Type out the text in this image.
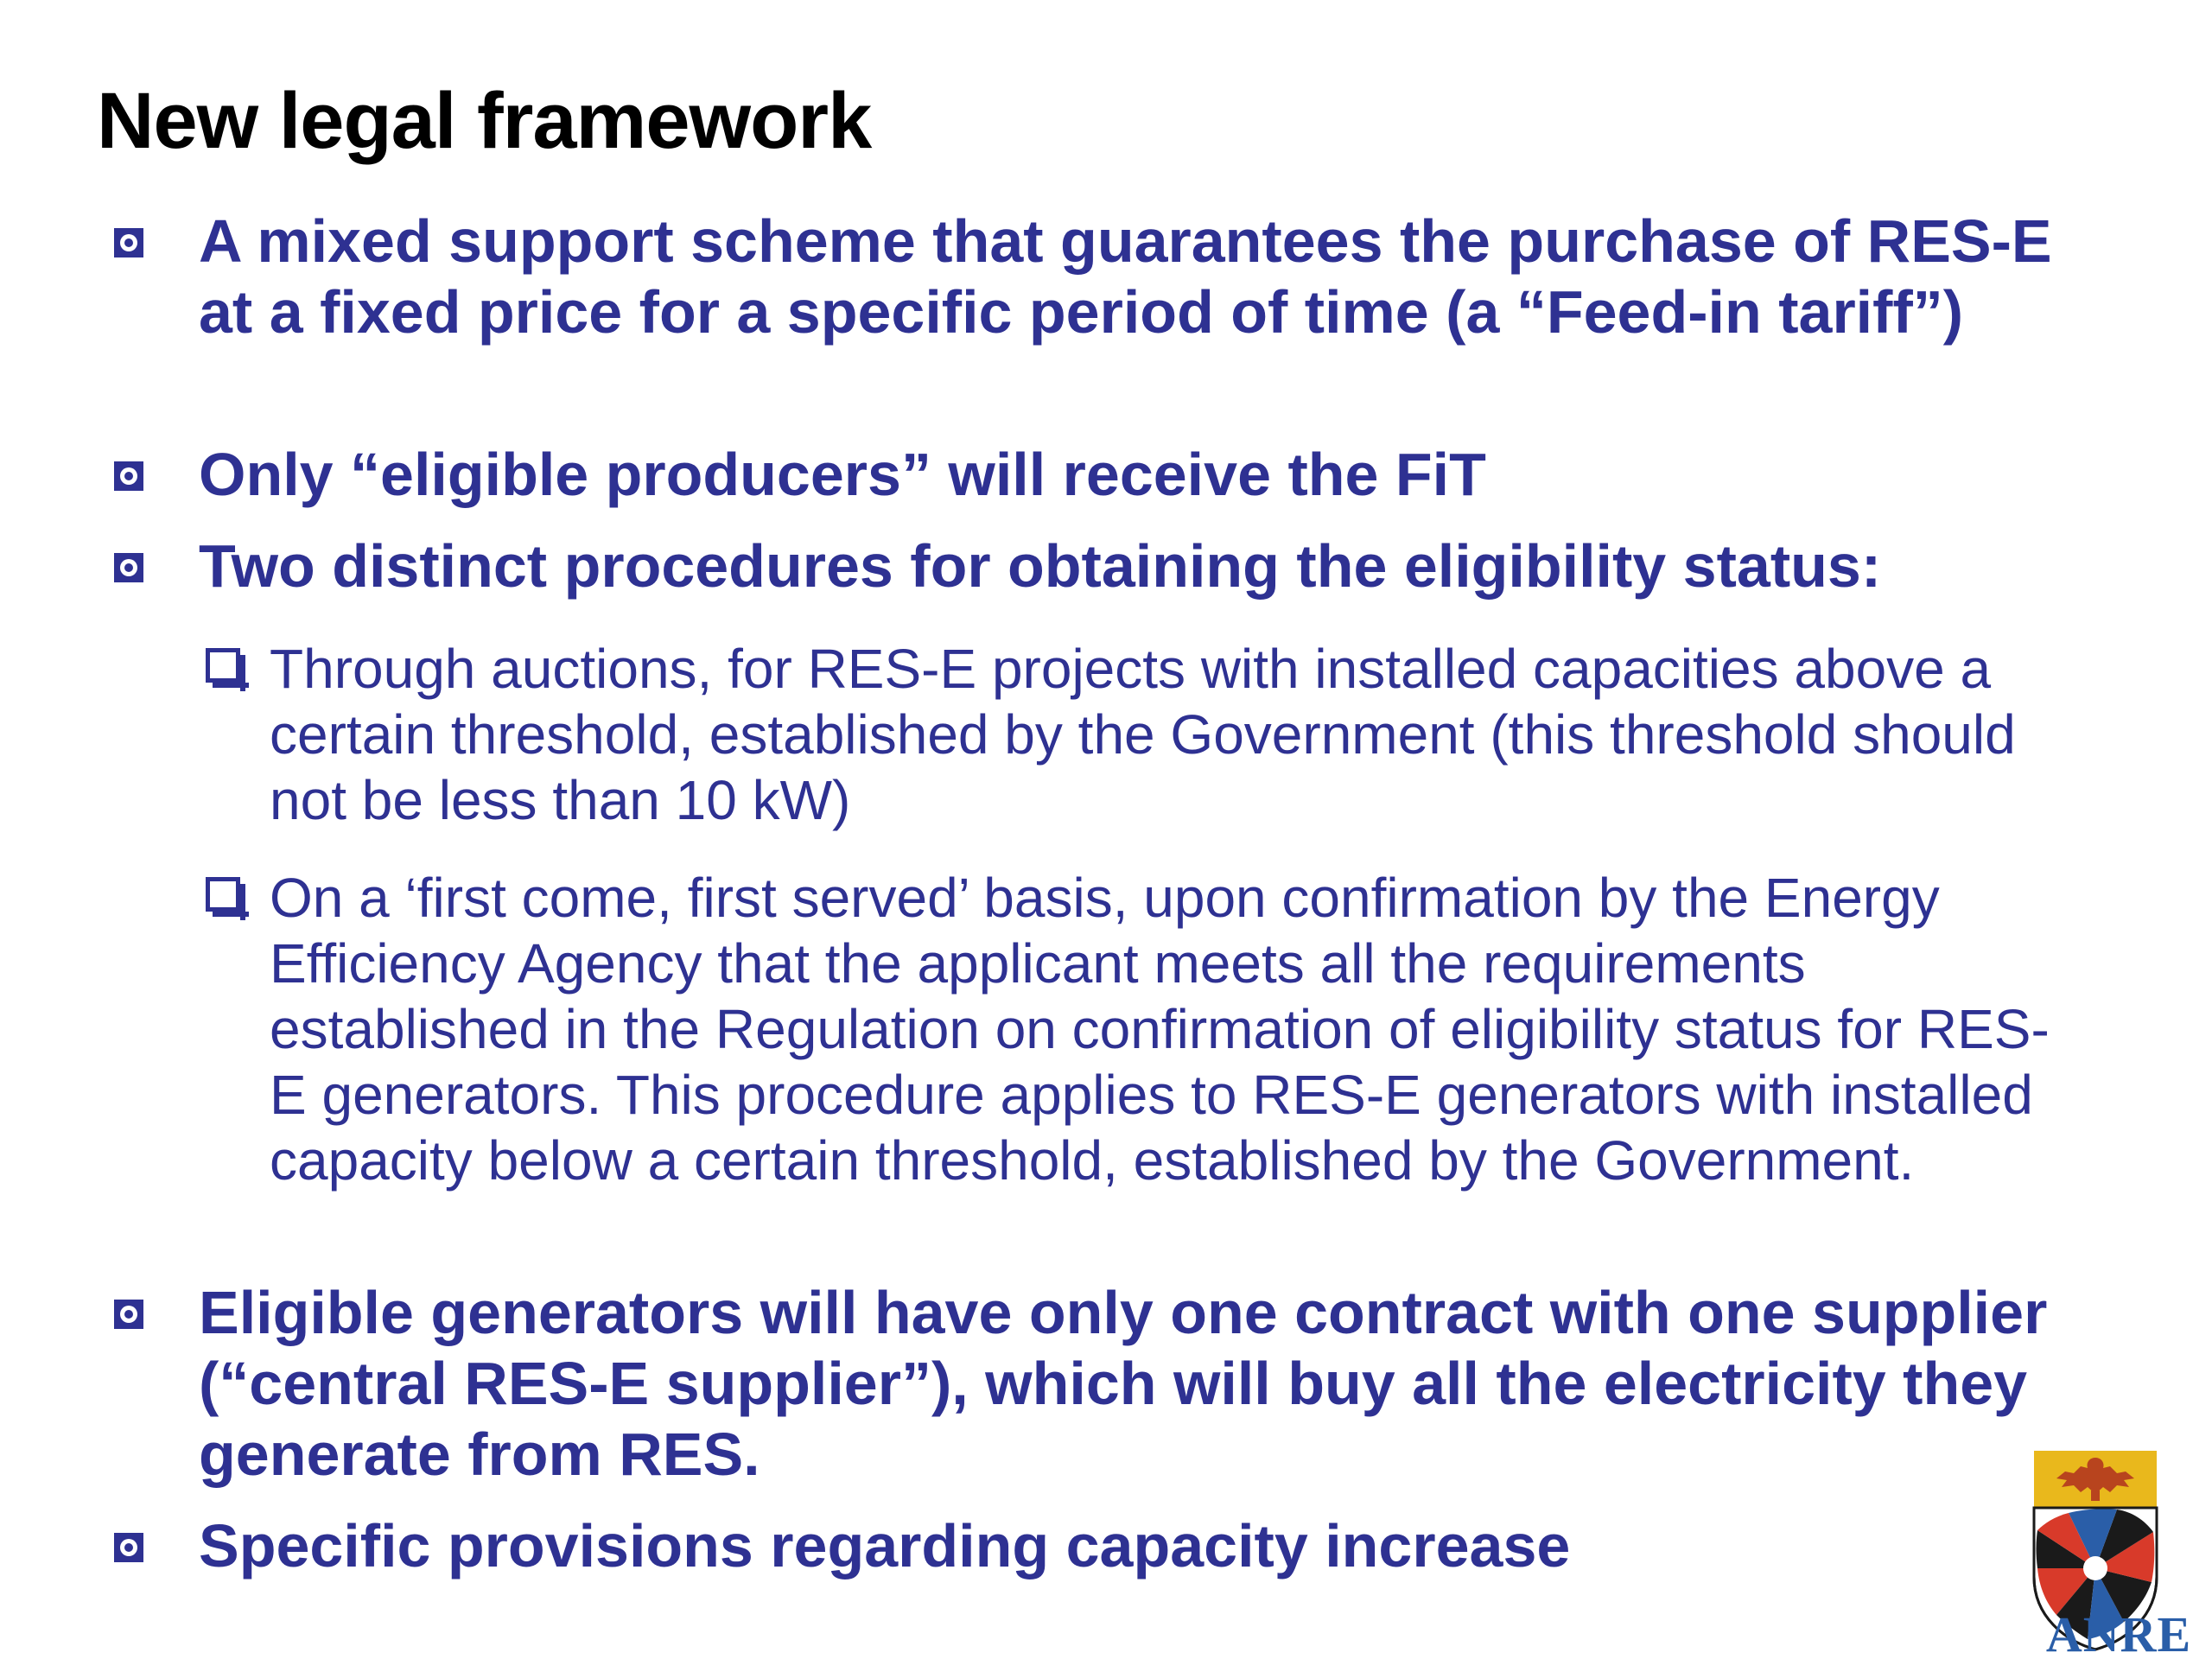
New legal framework
A mixed support scheme that guarantees the purchase of RES-E at a fixed price for a specific period of time (a “Feed-in tariff”)
Only “eligible producers” will receive the FiT
Two distinct procedures for obtaining the eligibility status:
Through auctions, for RES-E projects with installed capacities above a certain threshold, established by the Government (this threshold should not be less than 10 kW)
On a ‘first come, first served’ basis, upon confirmation by the Energy Efficiency Agency that the applicant meets all the requirements established in the Regulation on confirmation of eligibility status for RES-E generators. This procedure applies to RES-E generators with installed capacity below a certain threshold, established by the Government.
Eligible generators will have only one contract with one supplier (“central RES-E supplier”), which will buy all the electricity they generate from RES.
Specific provisions regarding capacity increase
ANRE
